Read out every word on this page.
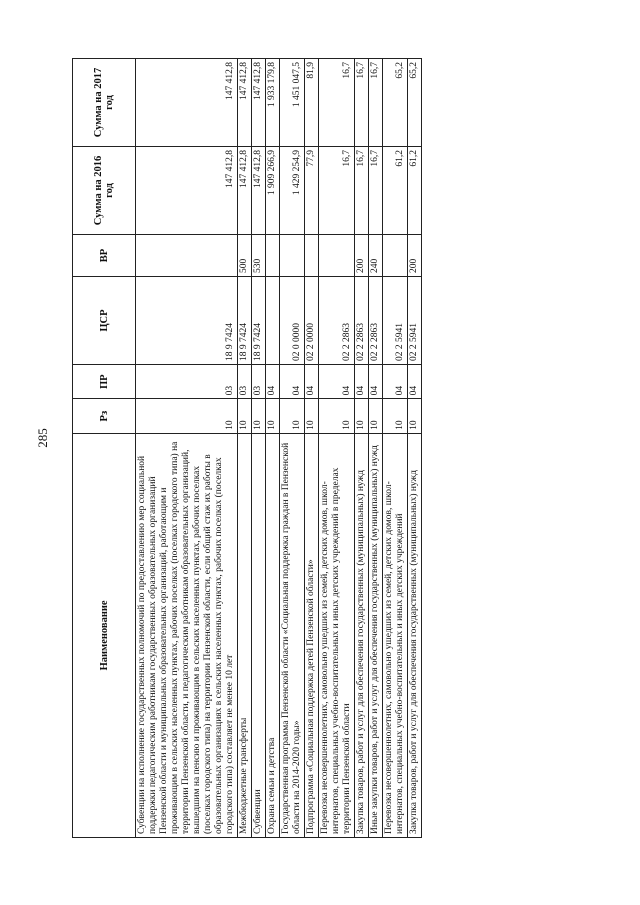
285
Наименование	Рз	ПР	ЦСР	ВР	Сумма на 2016 год	Сумма на 2017 год
Субвенции на исполнение государственных полномочий по предоставлению мер социальной поддержки педагогическим работникам государственных образовательных организаций Пензенской области и муниципальных образовательных организаций, работающим и проживающим в сельских населенных пунктах, рабочих поселках (поселках городского типа) на территории Пензенской области, и педагогическим работникам образовательных организаций, вышедшим на пенсию и проживающим в сельских населенных пунктах, рабочих поселках (поселках городского типа) на территории Пензенской области, если общий стаж их работы в образовательных организациях в сельских населенных пунктах, рабочих поселках (поселках городского типа) составляет не менее 10 лет	10	03	18 9 7424		147 412,8	147 412,8
Межбюджетные трансферты	10	03	18 9 7424	500	147 412,8	147 412,8
Субвенции	10	03	18 9 7424	530	147 412,8	147 412,8
Охрана семьи и детства	10	04			1 909 266,9	1 933 179,8
Государственная программа Пензенской области «Социальная поддержка граждан в Пензенской области на 2014-2020 годы»	10	04	02 0 0000		1 429 254,9	1 451 047,5
Подпрограмма «Социальная поддержка детей Пензенской области»	10	04	02 2 0000		77,9	81,9
Перевозка несовершеннолетних, самовольно ушедших из семей, детских домов, школ-интернатов, специальных учебно-воспитательных и иных детских учреждений в пределах территории Пензенской области	10	04	02 2 2863		16,7	16,7
Закупка товаров, работ и услуг для обеспечения государственных (муниципальных) нужд	10	04	02 2 2863	200	16,7	16,7
Иные закупки товаров, работ и услуг для обеспечения государственных (муниципальных) нужд	10	04	02 2 2863	240	16,7	16,7
Перевозка несовершеннолетних, самовольно ушедших из семей, детских домов, школ-интернатов, специальных учебно-воспитательных и иных детских учреждений	10	04	02 2 5941		61,2	65,2
Закупка товаров, работ и услуг для обеспечения государственных (муниципальных) нужд	10	04	02 2 5941	200	61,2	65,2
